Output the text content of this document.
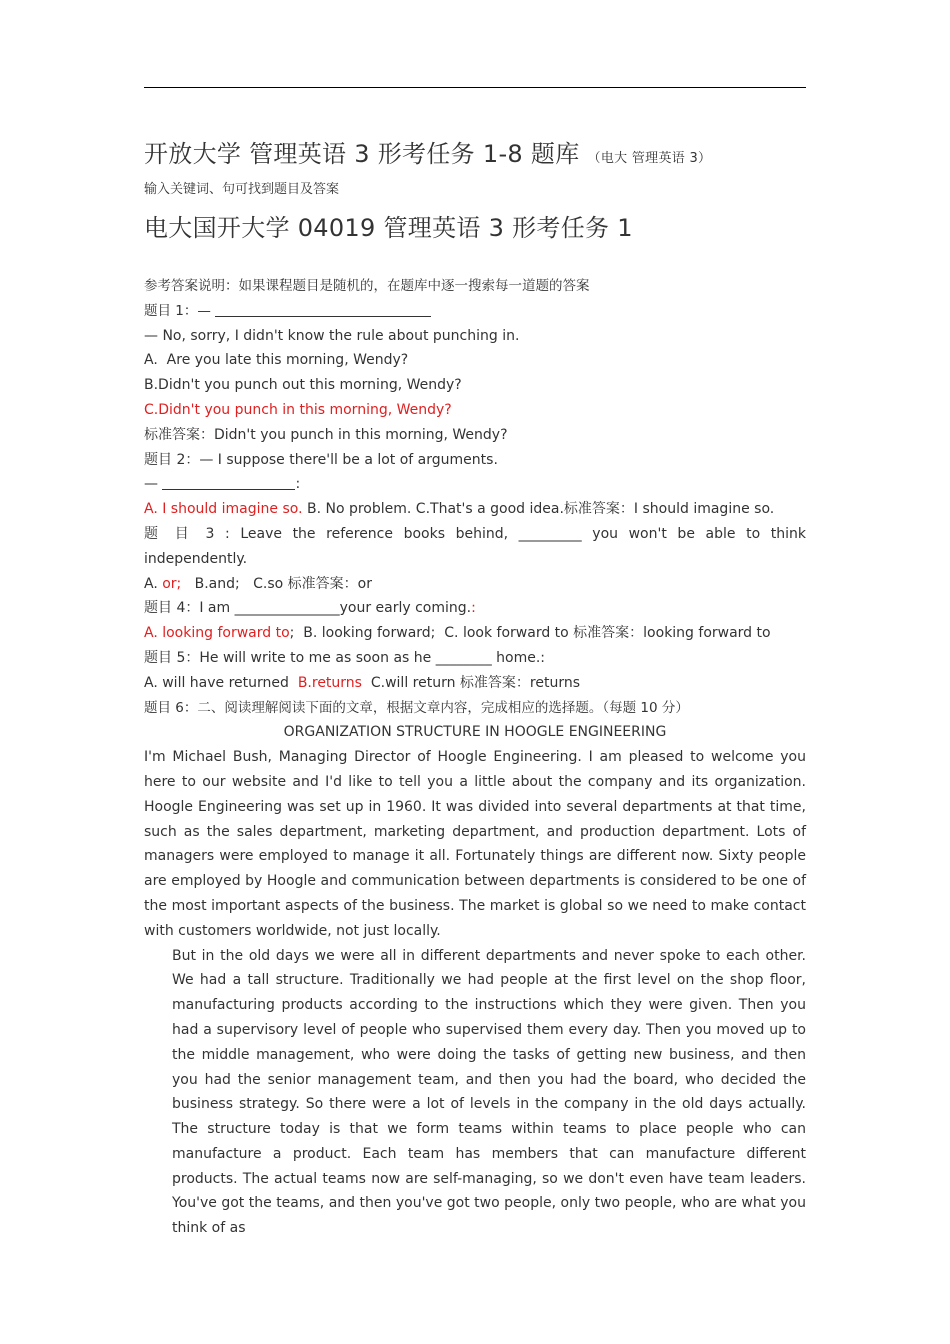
开放大学 管理英语 3 形考任务 1-8 题库 （电大 管理英语 3）
输入关键词、句可找到题目及答案
电大国开大学 04019 管理英语 3 形考任务 1
参考答案说明：如果课程题目是随机的，在题库中逐一搜索每一道题的答案
题目 1：—
— No, sorry, I didn't know the rule about punching in.
A.  Are you late this morning, Wendy?
B.Didn't you punch out this morning, Wendy?
C.Didn't you punch in this morning, Wendy?
标准答案：Didn't you punch in this morning, Wendy?
题目 2：— I suppose there'll be a lot of arguments.
—	:
A. I should imagine so. B. No problem. C.That's a good idea.标准答案：I should imagine so.
题 目 3 : Leave the reference books behind, _________ you won't be able to think
independently.
A. or;   B.and;   C.so 标准答案：or
题目 4：I am _______________your early coming.:
A. looking forward to;  B. looking forward;  C. look forward to 标准答案：looking forward to
题目 5：He will write to me as soon as he ________ home.:
A. will have returned  B.returns  C.will return 标准答案：returns
题目 6：二、阅读理解阅读下面的文章，根据文章内容，完成相应的选择题。（每题 10 分）
ORGANIZATION STRUCTURE IN HOOGLE ENGINEERING
I'm Michael Bush, Managing Director of Hoogle Engineering. I am pleased to welcome you here to our website and I'd like to tell you a little about the company and its organization. Hoogle Engineering was set up in 1960. It was divided into several departments at that time, such as the sales department, marketing department, and production department. Lots of managers were employed to manage it all. Fortunately things are different now. Sixty people are employed by Hoogle and communication between departments is considered to be one of the most important aspects of the business. The market is global so we need to make contact with customers worldwide, not just locally.
But in the old days we were all in different departments and never spoke to each other. We had a tall structure. Traditionally we had people at the first level on the shop floor, manufacturing products according to the instructions which they were given. Then you had a supervisory level of people who supervised them every day. Then you moved up to the middle management, who were doing the tasks of getting new business, and then you had the senior management team, and then you had the board, who decided the business strategy. So there were a lot of levels in the company in the old days actually. The structure today is that we form teams within teams to place people who can manufacture a product. Each team has members that can manufacture different products. The actual teams now are self-managing, so we don't even have team leaders. You've got the teams, and then you've got two people, only two people, who are what you think of as
